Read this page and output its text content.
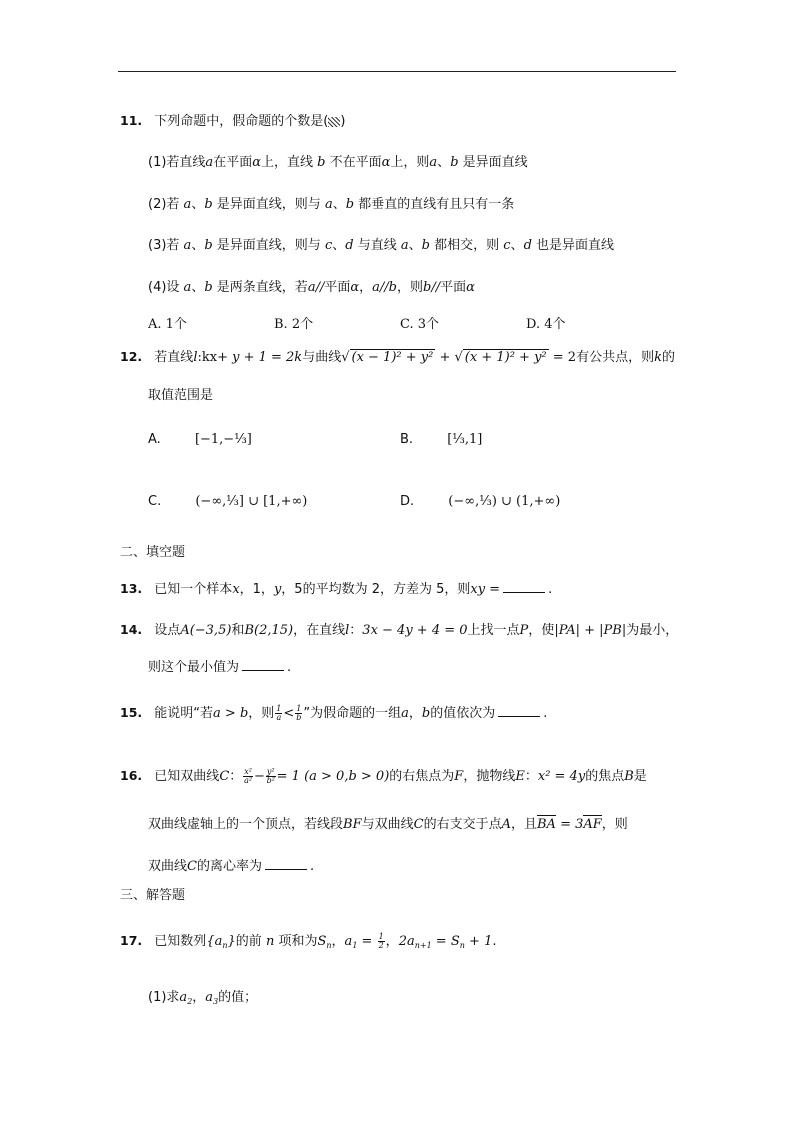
11. 下列命题中，假命题的个数是( )
(1)若直线a在平面α上，直线 b 不在平面α上，则a、b 是异面直线
(2)若 a、b 是异面直线，则与 a、b 都垂直的直线有且只有一条
(3)若 a、b 是异面直线，则与 c、d 与直线 a、b 都相交，则 c、d 也是异面直线
(4)设 a、b 是两条直线，若a//平面α，a//b，则b//平面α
A. 1个	B. 2个	C. 3个	D. 4个
12. 若直线l:kx+ y + 1 = 2k与曲线√ (x − 1)² + y² + √ (x + 1)² + y² = 2有公共点，则k的
取值范围是
A.	[−1,−⅓]	B.	[⅓,1]
C.	(−∞,⅓] ∪ [1,+∞)	D.	(−∞,⅓) ∪ (1,+∞)
二、填空题
13. 已知一个样本x，1，y，5的平均数为 2，方差为 5，则xy =	.
14. 设点A(−3,5)和B(2,15)，在直线l：3x − 4y + 4 = 0上找一点P，使|PA| + |PB|为最小，
则这个最小值为	.
15. 能说明“若a > b，则 $\frac{1}{a} < \frac{1}{b}$ ”为假命题的一组a，b的值依次为	.
16. 已知双曲线C： $\frac{\text{x²}}{\text{a²}} - \frac{\text{y²}}{\text{b²}} = 1$ (a > 0,b > 0)的右焦点为F，抛物线E：x² = 4y的焦点B是
双曲线虚轴上的一个顶点，若线段BF与双曲线C的右支交于点A，且BA = 3AF，则
双曲线C的离心率为	.
三、解答题
17. 已知数列$\{a_n\}$的前 n 项和为$S_n$，$a_1 = \frac{1}{2}$ ，$2a_{n+1} = S_n + 1$.
(1)求$a_2$，$a_3$的值；
